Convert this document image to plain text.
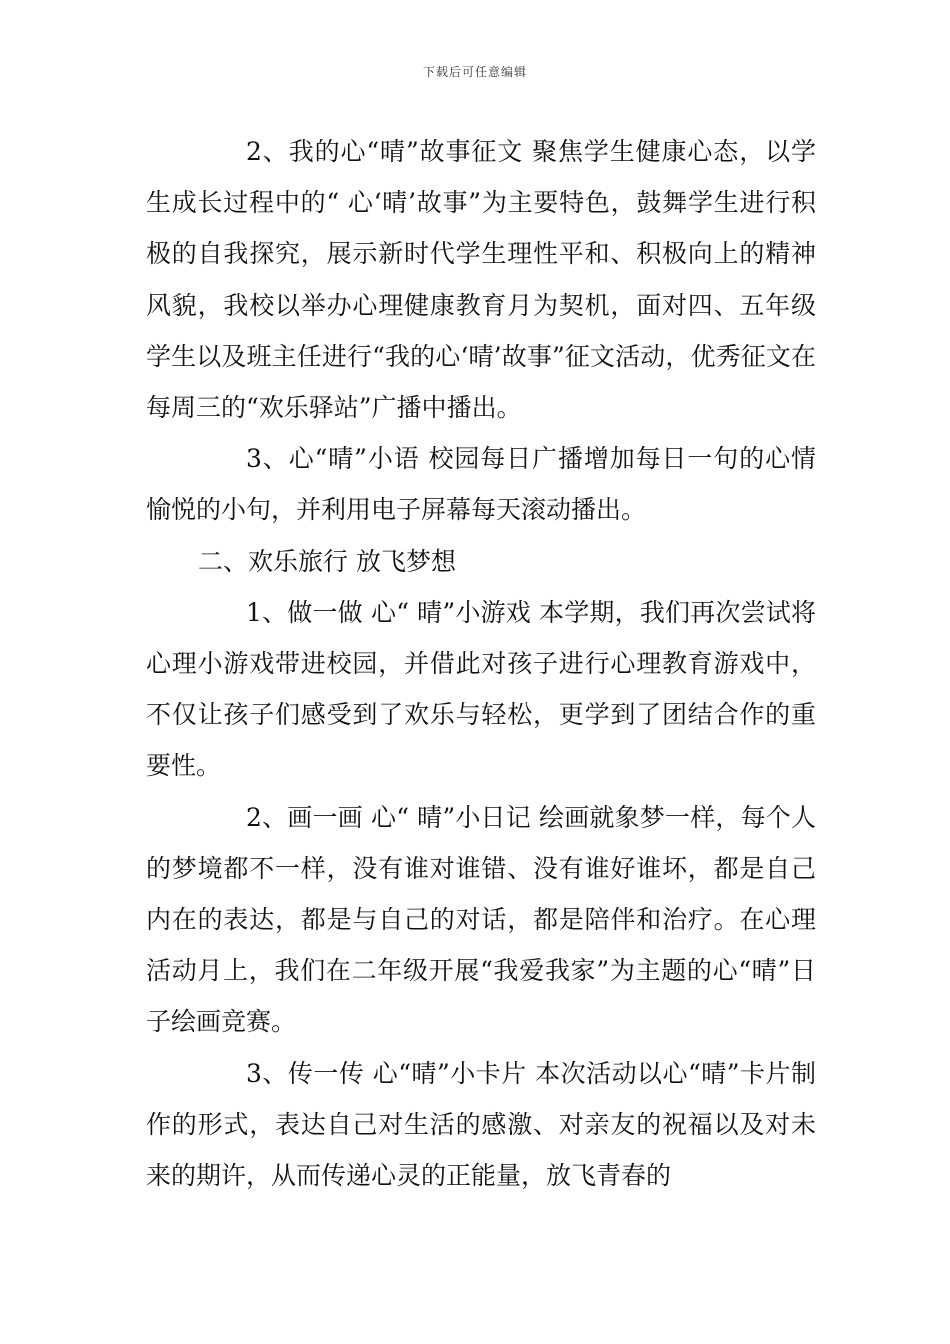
下载后可任意编辑

2、我的心“晴”故事征文 聚焦学生健康心态，以学生成长过程中的“ 心‘晴’故事”为主要特色，鼓舞学生进行积极的自我探究，展示新时代学生理性平和、积极向上的精神风貌，我校以举办心理健康教育月为契机，面对四、五年级学生以及班主任进行“我的心‘晴’故事”征文活动，优秀征文在每周三的“欢乐驿站”广播中播出。

3、心“晴”小语 校园每日广播增加每日一句的心情愉悦的小句，并利用电子屏幕每天滚动播出。

二、欢乐旅行 放飞梦想

1、做一做 心“ 晴”小游戏 本学期，我们再次尝试将心理小游戏带进校园，并借此对孩子进行心理教育游戏中，不仅让孩子们感受到了欢乐与轻松，更学到了团结合作的重要性。

2、画一画 心“ 晴”小日记 绘画就象梦一样，每个人的梦境都不一样，没有谁对谁错、没有谁好谁坏，都是自己内在的表达，都是与自己的对话，都是陪伴和治疗。在心理活动月上，我们在二年级开展“我爱我家”为主题的心“晴”日子绘画竞赛。

3、传一传 心“晴”小卡片 本次活动以心“晴”卡片制作的形式，表达自己对生活的感激、对亲友的祝福以及对未来的期许，从而传递心灵的正能量，放飞青春的
